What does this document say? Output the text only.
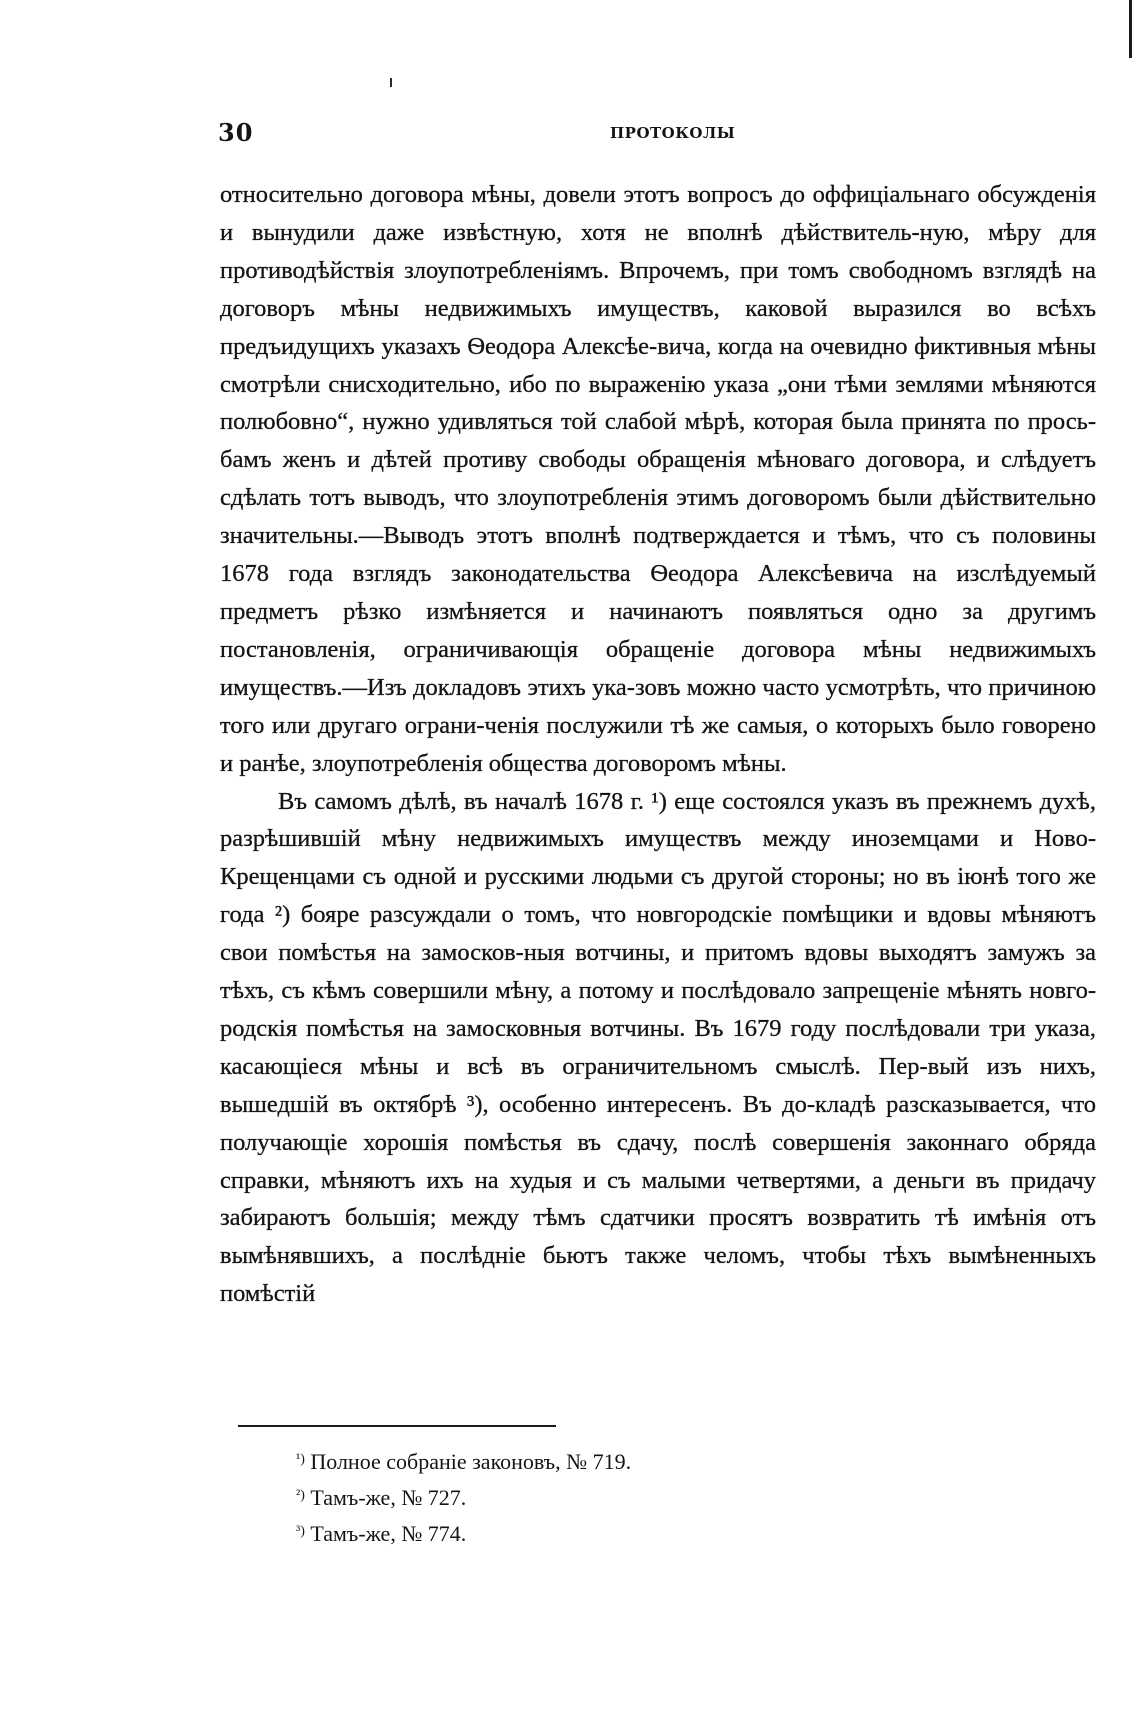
30	ПРОТОКОЛЫ

относительно договора мѣны, довели этотъ вопросъ до оффиціальнаго обсужденія и вынудили даже извѣстную, хотя не вполнѣ дѣйствитель-ную, мѣру для противодѣйствія злоупотребленіямъ. Впрочемъ, при томъ свободномъ взглядѣ на договоръ мѣны недвижимыхъ имуществъ, каковой выразился во всѣхъ предъидущихъ указахъ Ѳеодора Алексѣе-вича, когда на очевидно фиктивныя мѣны смотрѣли снисходительно, ибо по выраженію указа „они тѣми землями мѣняются полюбовно“, нужно удивляться той слабой мѣрѣ, которая была принята по прось-бамъ женъ и дѣтей противу свободы обращенія мѣноваго договора, и слѣдуетъ сдѣлать тотъ выводъ, что злоупотребленія этимъ договоромъ были дѣйствительно значительны.—Выводъ этотъ вполнѣ подтверждается и тѣмъ, что съ половины 1678 года взглядъ законодательства Ѳеодора Алексѣевича на изслѣдуемый предметъ рѣзко измѣняется и начинаютъ появляться одно за другимъ постановленія, ограничивающія обращеніе договора мѣны недвижимыхъ имуществъ.—Изъ докладовъ этихъ ука-зовъ можно часто усмотрѣть, что причиною того или другаго ограни-ченія послужили тѣ же самыя, о которыхъ было говорено и ранѣе, злоупотребленія общества договоромъ мѣны.

Въ самомъ дѣлѣ, въ началѣ 1678 г. ¹) еще состоялся указъ въ прежнемъ духѣ, разрѣшившій мѣну недвижимыхъ имуществъ между иноземцами и Ново-Крещенцами съ одной и русскими людьми съ другой стороны; но въ іюнѣ того же года ²) бояре разсуждали о томъ, что новгородскіе помѣщики и вдовы мѣняютъ свои помѣстья на замосков-ныя вотчины, и притомъ вдовы выходятъ замужъ за тѣхъ, съ кѣмъ совершили мѣну, а потому и послѣдовало запрещеніе мѣнять новго-родскія помѣстья на замосковныя вотчины. Въ 1679 году послѣдовали три указа, касающіеся мѣны и всѣ въ ограничительномъ смыслѣ. Пер-вый изъ нихъ, вышедшій въ октябрѣ ³), особенно интересенъ. Въ до-кладѣ разсказывается, что получающіе хорошія помѣстья въ сдачу, послѣ совершенія законнаго обряда справки, мѣняютъ ихъ на худыя и съ малыми четвертями, а деньги въ придачу забираютъ большія; между тѣмъ сдатчики просятъ возвратить тѣ имѣнія отъ вымѣнявшихъ, а послѣдніе бьютъ также челомъ, чтобы тѣхъ вымѣненныхъ помѣстій

$^{^1)}$ Полное собраніе законовъ, № 719.
$^{^2)}$ Тамъ-же, № 727.
$^{^3)}$ Тамъ-же, № 774.
